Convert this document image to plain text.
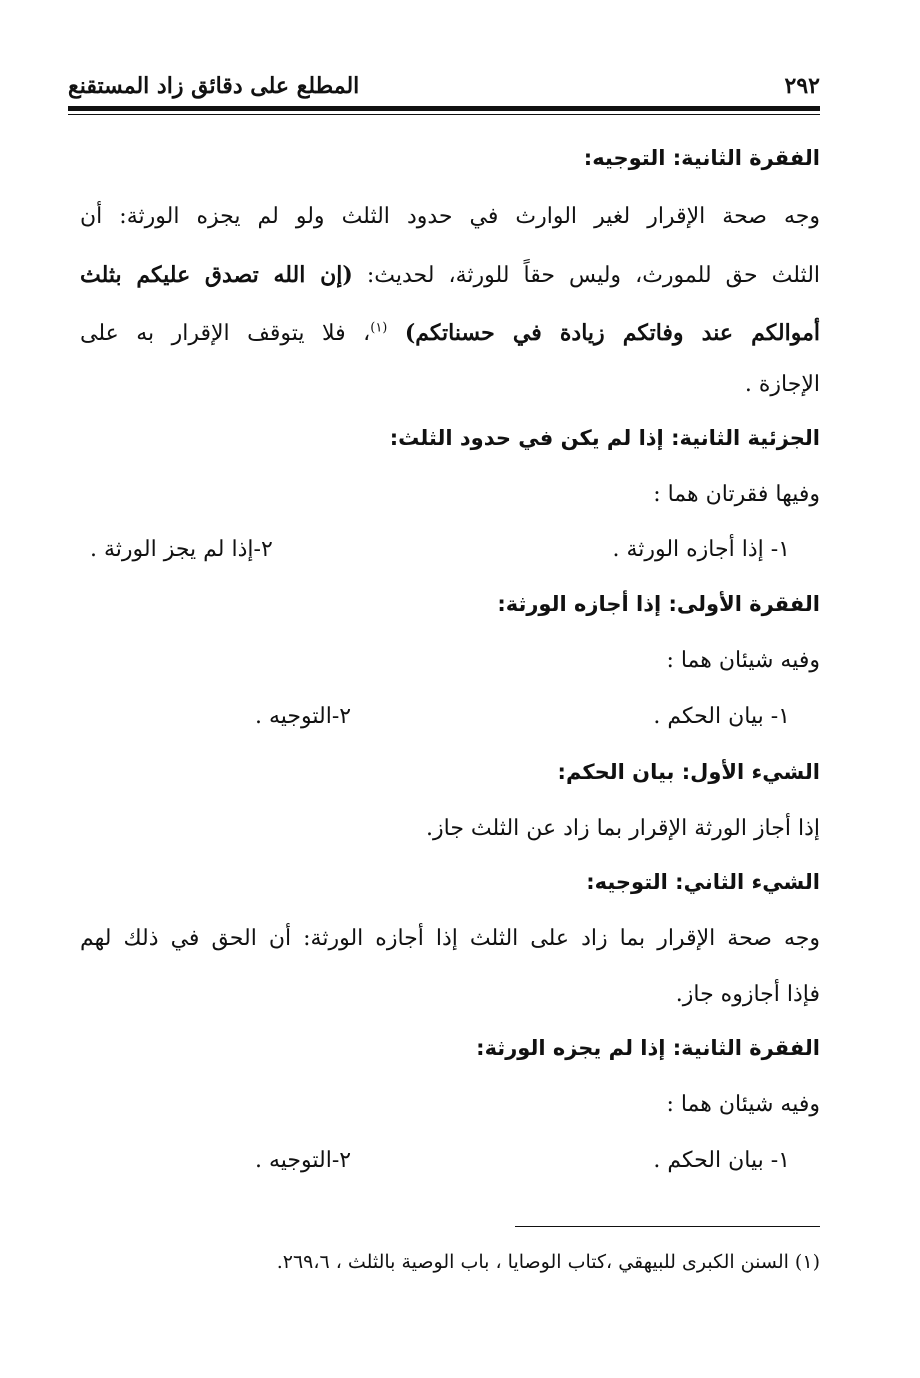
٢٩٢
المطلع على دقائق زاد المستقنع
الفقرة الثانية: التوجيه:
وجه صحة الإقرار لغير الوارث في حدود الثلث ولو لم يجزه الورثة: أن
الثلث حق للمورث، وليس حقاً للورثة، لحديث: (إن الله تصدق عليكم بثلث
أموالكم عند وفاتكم زيادة في حسناتكم) $^{(١)}$، فلا يتوقف الإقرار به على
الإجازة .
الجزئية الثانية: إذا لم يكن في حدود الثلث:
وفيها فقرتان هما :
١- إذا أجازه الورثة .
٢-إذا لم يجز الورثة .
الفقرة الأولى: إذا أجازه الورثة:
وفيه شيئان هما :
١- بيان الحكم .
٢-التوجيه .
الشيء الأول: بيان الحكم:
إذا أجاز الورثة الإقرار بما زاد عن الثلث جاز.
الشيء الثاني: التوجيه:
وجه صحة الإقرار بما زاد على الثلث إذا أجازه الورثة: أن الحق في ذلك لهم
فإذا أجازوه جاز.
الفقرة الثانية: إذا لم يجزه الورثة:
وفيه شيئان هما :
١- بيان الحكم .
٢-التوجيه .
(١) السنن الكبرى للبيهقي ،كتاب الوصايا ، باب الوصية بالثلث ، ٢٦٩،٦.
